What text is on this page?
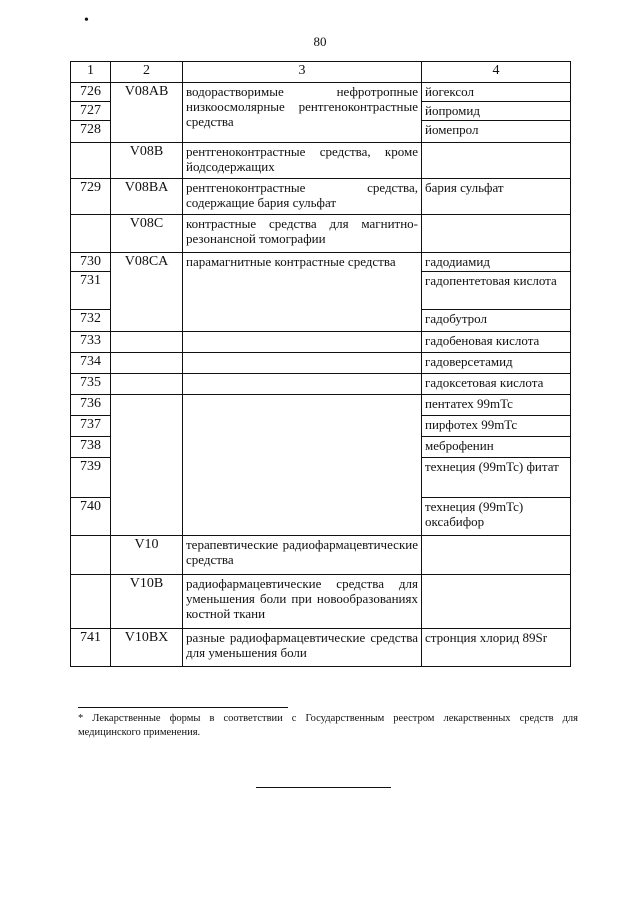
•
80
1	2	3	4
726	V08AB	водорастворимые нефротропные низкоосмолярные рентгеноконтрастные средства	йогексол
727			йопромид
728			йомепрол
	V08B	рентгеноконтрастные средства, кроме йодсодержащих	
729	V08BA	рентгеноконтрастные средства, содержащие бария сульфат	бария сульфат
	V08C	контрастные средства для магнитно-резонансной томографии	
730	V08CA	парамагнитные контрастные средства	гадодиамид
731			гадопентетовая кислота
732			гадобутрол
733			гадобеновая кислота
734			гадоверсетамид
735			гадоксетовая кислота
736			пентатех 99mTc
737			пирфотех 99mTc
738			меброфенин
739			технеция (99mTc) фитат
740			технеция (99mTc) оксабифор
	V10	терапевтические радиофармацевтические средства	
	V10B	радиофармацевтические средства для уменьшения боли при новообразованиях костной ткани	
741	V10BX	разные радиофармацевтические средства для уменьшения боли	стронция хлорид 89Sr
* Лекарственные формы в соответствии с Государственным реестром лекарственных средств для медицинского применения.
